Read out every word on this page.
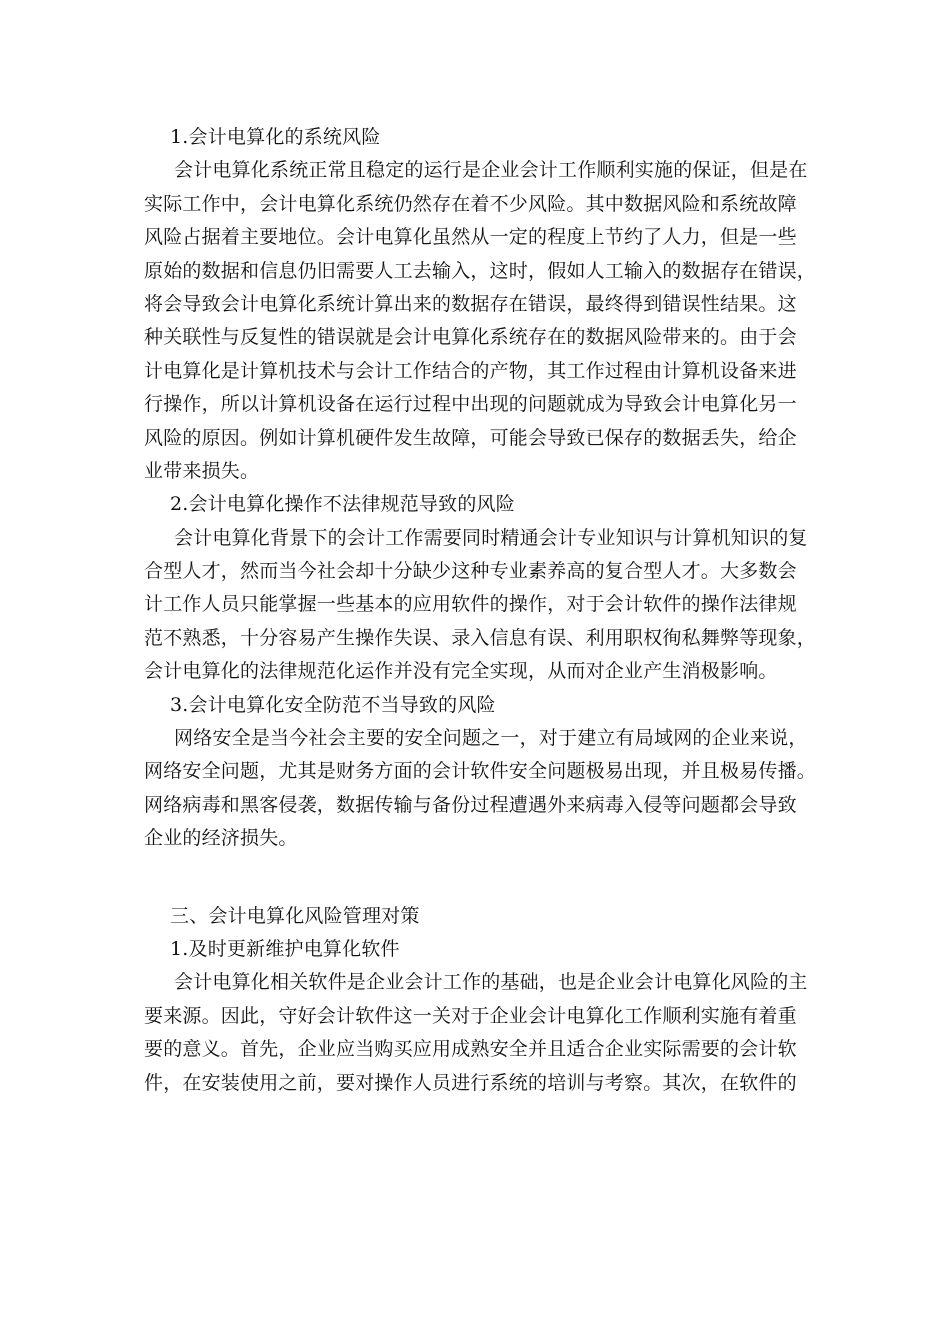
1.会计电算化的系统风险
会计电算化系统正常且稳定的运行是企业会计工作顺利实施的保证，但是在
实际工作中，会计电算化系统仍然存在着不少风险。其中数据风险和系统故障
风险占据着主要地位。会计电算化虽然从一定的程度上节约了人力，但是一些
原始的数据和信息仍旧需要人工去输入，这时，假如人工输入的数据存在错误，
将会导致会计电算化系统计算出来的数据存在错误，最终得到错误性结果。这
种关联性与反复性的错误就是会计电算化系统存在的数据风险带来的。由于会
计电算化是计算机技术与会计工作结合的产物，其工作过程由计算机设备来进
行操作，所以计算机设备在运行过程中出现的问题就成为导致会计电算化另一
风险的原因。例如计算机硬件发生故障，可能会导致已保存的数据丢失，给企
业带来损失。
2.会计电算化操作不法律规范导致的风险
会计电算化背景下的会计工作需要同时精通会计专业知识与计算机知识的复
合型人才，然而当今社会却十分缺少这种专业素养高的复合型人才。大多数会
计工作人员只能掌握一些基本的应用软件的操作，对于会计软件的操作法律规
范不熟悉，十分容易产生操作失误、录入信息有误、利用职权徇私舞弊等现象，
会计电算化的法律规范化运作并没有完全实现，从而对企业产生消极影响。
3.会计电算化安全防范不当导致的风险
网络安全是当今社会主要的安全问题之一，对于建立有局域网的企业来说，
网络安全问题，尤其是财务方面的会计软件安全问题极易出现，并且极易传播。
网络病毒和黑客侵袭，数据传输与备份过程遭遇外来病毒入侵等问题都会导致
企业的经济损失。
三、会计电算化风险管理对策
1.及时更新维护电算化软件
会计电算化相关软件是企业会计工作的基础，也是企业会计电算化风险的主
要来源。因此，守好会计软件这一关对于企业会计电算化工作顺利实施有着重
要的意义。首先，企业应当购买应用成熟安全并且适合企业实际需要的会计软
件，在安装使用之前，要对操作人员进行系统的培训与考察。其次，在软件的
